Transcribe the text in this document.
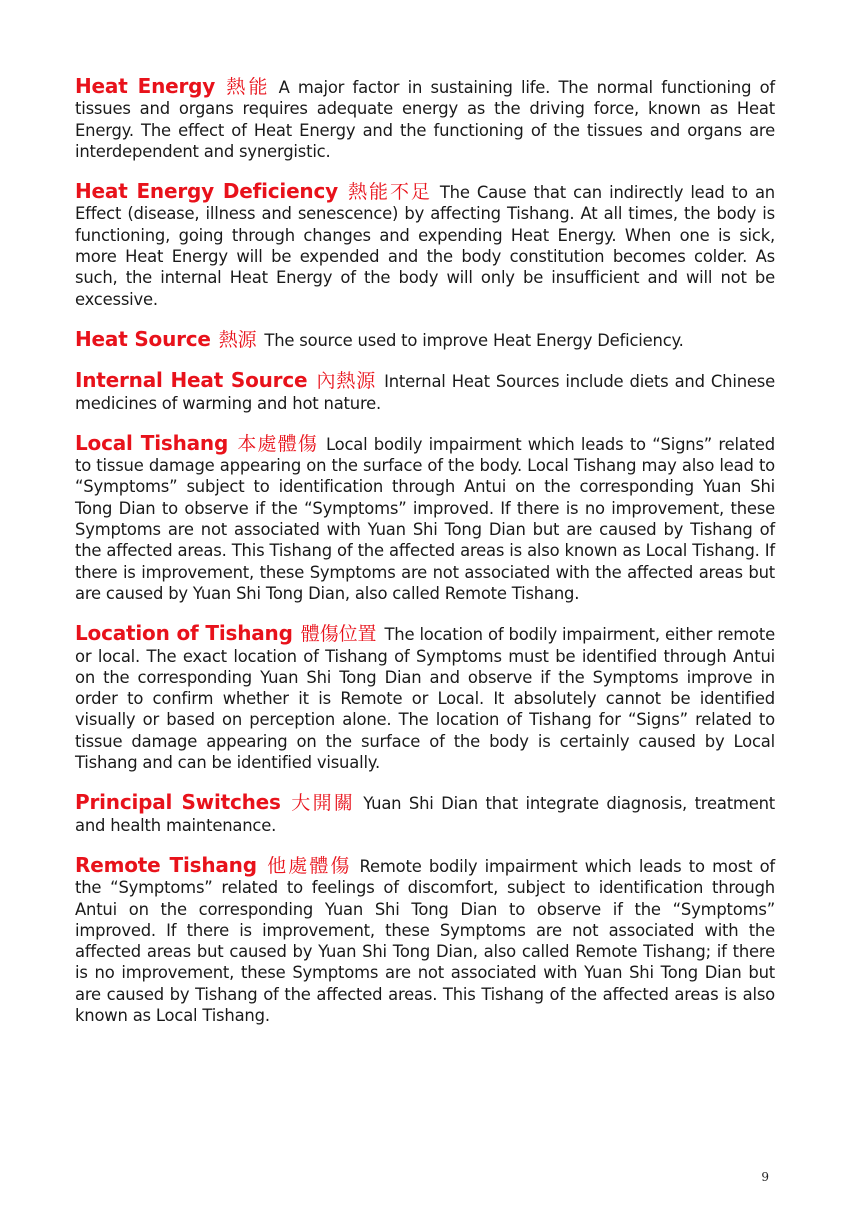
Heat Energy 熱能 A major factor in sustaining life. The normal functioning of tissues and organs requires adequate energy as the driving force, known as Heat Energy. The effect of Heat Energy and the functioning of the tissues and organs are interdependent and synergistic.

Heat Energy Deficiency 熱能不足 The Cause that can indirectly lead to an Effect (disease, illness and senescence) by affecting Tishang. At all times, the body is functioning, going through changes and expending Heat Energy. When one is sick, more Heat Energy will be expended and the body constitution becomes colder. As such, the internal Heat Energy of the body will only be insufficient and will not be excessive.

Heat Source 熱源 The source used to improve Heat Energy Deficiency.

Internal Heat Source 內熱源 Internal Heat Sources include diets and Chinese medicines of warming and hot nature.

Local Tishang 本處體傷 Local bodily impairment which leads to “Signs” related to tissue damage appearing on the surface of the body. Local Tishang may also lead to “Symptoms” subject to identification through Antui on the corresponding Yuan Shi Tong Dian to observe if the “Symptoms” improved. If there is no improvement, these Symptoms are not associated with Yuan Shi Tong Dian but are caused by Tishang of the affected areas. This Tishang of the affected areas is also known as Local Tishang. If there is improvement, these Symptoms are not associated with the affected areas but are caused by Yuan Shi Tong Dian, also called Remote Tishang.

Location of Tishang 體傷位置 The location of bodily impairment, either remote or local. The exact location of Tishang of Symptoms must be identified through Antui on the corresponding Yuan Shi Tong Dian and observe if the Symptoms improve in order to confirm whether it is Remote or Local. It absolutely cannot be identified visually or based on perception alone. The location of Tishang for “Signs” related to tissue damage appearing on the surface of the body is certainly caused by Local Tishang and can be identified visually.

Principal Switches 大開關 Yuan Shi Dian that integrate diagnosis, treatment and health maintenance.

Remote Tishang 他處體傷 Remote bodily impairment which leads to most of the “Symptoms” related to feelings of discomfort, subject to identification through Antui on the corresponding Yuan Shi Tong Dian to observe if the “Symptoms” improved. If there is improvement, these Symptoms are not associated with the affected areas but caused by Yuan Shi Tong Dian, also called Remote Tishang; if there is no improvement, these Symptoms are not associated with Yuan Shi Tong Dian but are caused by Tishang of the affected areas. This Tishang of the affected areas is also known as Local Tishang.

9
